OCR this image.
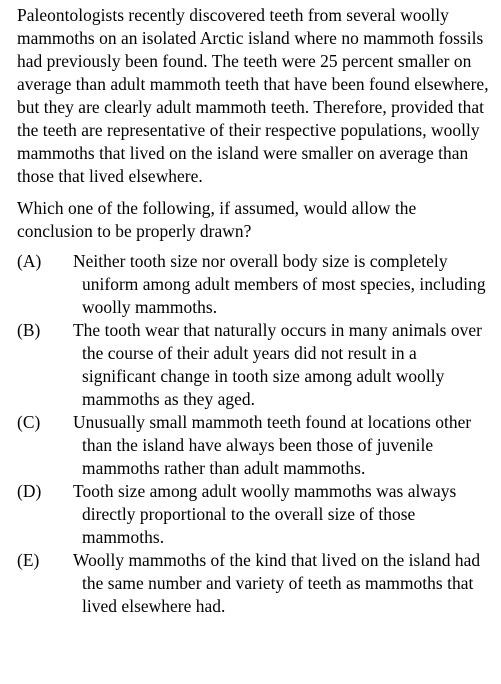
Paleontologists recently discovered teeth from several woolly mammoths on an isolated Arctic island where no mammoth fossils had previously been found. The teeth were 25 percent smaller on average than adult mammoth teeth that have been found elsewhere, but they are clearly adult mammoth teeth. Therefore, provided that the teeth are representative of their respective populations, woolly mammoths that lived on the island were smaller on average than those that lived elsewhere.

Which one of the following, if assumed, would allow the conclusion to be properly drawn?

(A)	Neither tooth size nor overall body size is completely uniform among adult members of most species, including woolly mammoths.
(B)	The tooth wear that naturally occurs in many animals over the course of their adult years did not result in a significant change in tooth size among adult woolly mammoths as they aged.
(C)	Unusually small mammoth teeth found at locations other than the island have always been those of juvenile mammoths rather than adult mammoths.
(D)	Tooth size among adult woolly mammoths was always directly proportional to the overall size of those mammoths.
(E)	Woolly mammoths of the kind that lived on the island had the same number and variety of teeth as mammoths that lived elsewhere had.
